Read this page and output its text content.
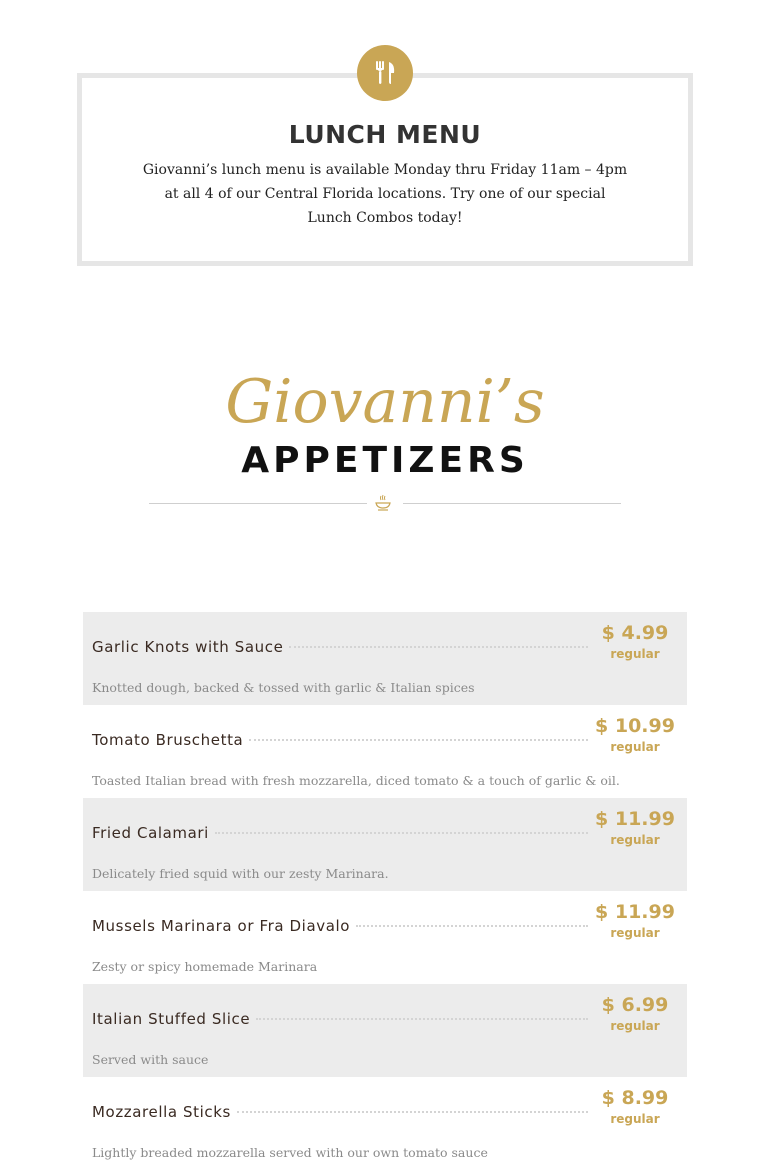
LUNCH MENU
Giovanni’s lunch menu is available Monday thru Friday 11am – 4pm at all 4 of our Central Florida locations. Try one of our special Lunch Combos today!
Giovanni’s
APPETIZERS
Garlic Knots with Sauce
$ 4.99
regular
Knotted dough, backed & tossed with garlic & Italian spices
Tomato Bruschetta
$ 10.99
regular
Toasted Italian bread with fresh mozzarella, diced tomato & a touch of garlic & oil.
Fried Calamari
$ 11.99
regular
Delicately fried squid with our zesty Marinara.
Mussels Marinara or Fra Diavalo
$ 11.99
regular
Zesty or spicy homemade Marinara
Italian Stuffed Slice
$ 6.99
regular
Served with sauce
Mozzarella Sticks
$ 8.99
regular
Lightly breaded mozzarella served with our own tomato sauce
